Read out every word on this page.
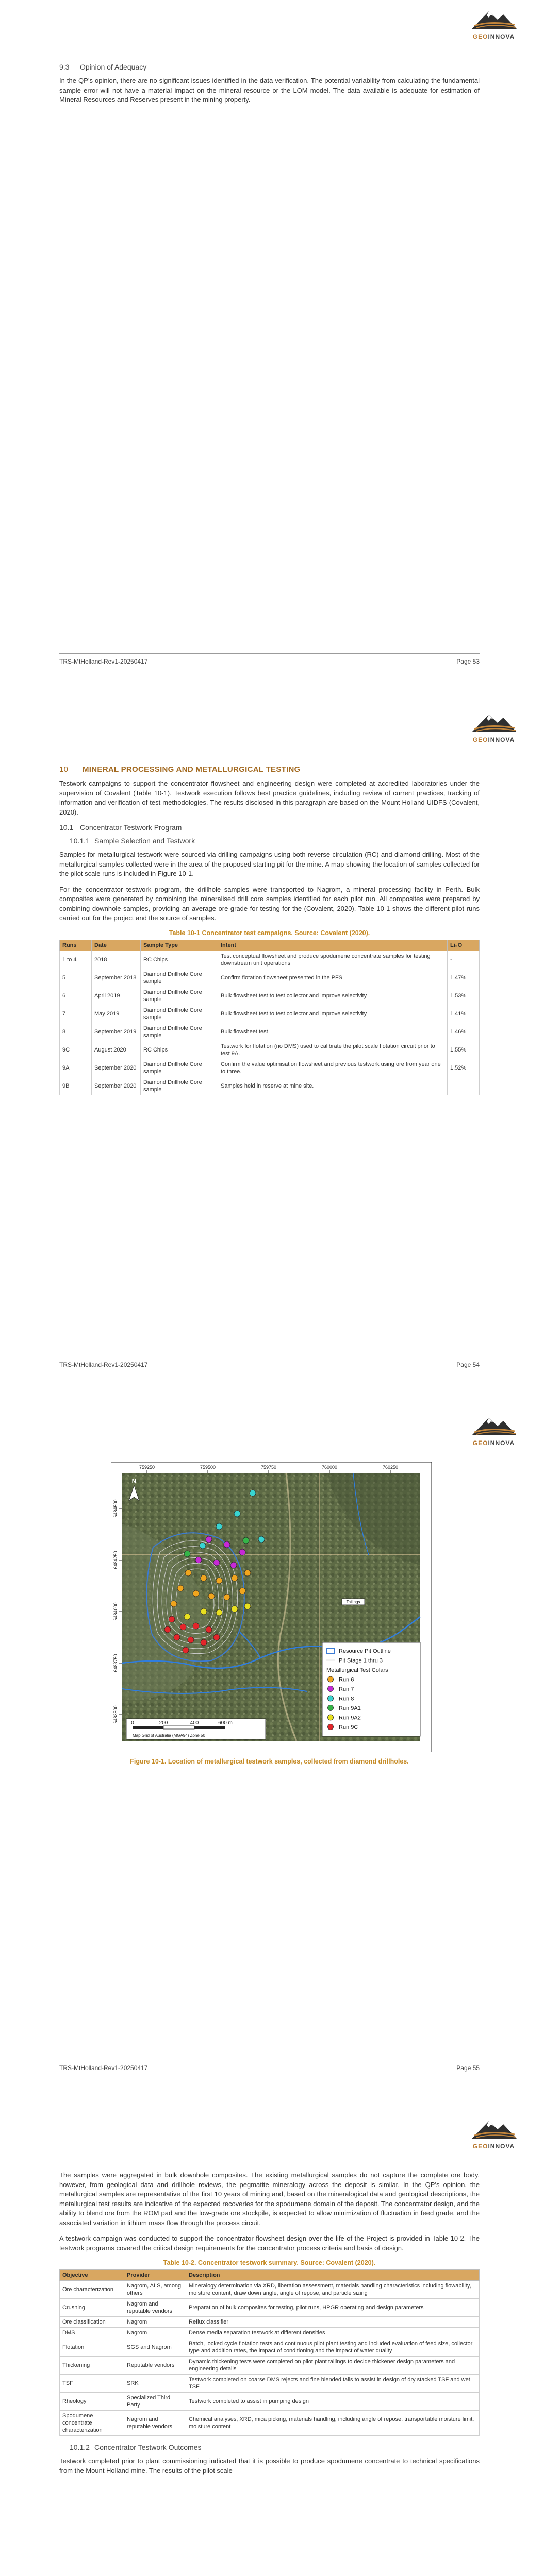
GEOINNOVA
9.3 Opinion of Adequacy

In the QP’s opinion, there are no significant issues identified in the data verification. The potential variability from calculating the fundamental sample error will not have a material impact on the mineral resource or the LOM model. The data available is adequate for estimation of Mineral Resources and Reserves present in the mining property.

TRS-MtHolland-Rev1-20250417	Page 53
GEOINNOVA
10 MINERAL PROCESSING AND METALLURGICAL TESTING

Testwork campaigns to support the concentrator flowsheet and engineering design were completed at accredited laboratories under the supervision of Covalent (Table 10-1). Testwork execution follows best practice guidelines, including review of current practices, tracking of information and verification of test methodologies. The results disclosed in this paragraph are based on the Mount Holland UIDFS (Covalent, 2020).

10.1 Concentrator Testwork Program
10.1.1 Sample Selection and Testwork

Samples for metallurgical testwork were sourced via drilling campaigns using both reverse circulation (RC) and diamond drilling. Most of the metallurgical samples collected were in the area of the proposed starting pit for the mine. A map showing the location of samples collected for the pilot scale runs is included in Figure 10-1.

For the concentrator testwork program, the drillhole samples were transported to Nagrom, a mineral processing facility in Perth. Bulk composites were generated by combining the mineralised drill core samples identified for each pilot run. All composites were prepared by combining downhole samples, providing an average ore grade for testing for the (Covalent, 2020). Table 10-1 shows the different pilot runs carried out for the project and the source of samples.

Table 10-1 Concentrator test campaigns. Source: Covalent (2020).
Runs	Date	Sample Type	Intent	Li₂O
1 to 4	2018	RC Chips	Test conceptual flowsheet and produce spodumene concentrate samples for testing downstream unit operations	-
5	September 2018	Diamond Drillhole Core sample	Confirm flotation flowsheet presented in the PFS	1.47%
6	April 2019	Diamond Drillhole Core sample	Bulk flowsheet test to test collector and improve selectivity	1.53%
7	May 2019	Diamond Drillhole Core sample	Bulk flowsheet test to test collector and improve selectivity	1.41%
8	September 2019	Diamond Drillhole Core sample	Bulk flowsheet test	1.46%
9C	August 2020	RC Chips	Testwork for flotation (no DMS) used to calibrate the pilot scale flotation circuit prior to test 9A.	1.55%
9A	September 2020	Diamond Drillhole Core sample	Confirm the value optimisation flowsheet and previous testwork using ore from year one to three.	1.52%
9B	September 2020	Diamond Drillhole Core sample	Samples held in reserve at mine site.	
TRS-MtHolland-Rev1-20250417	Page 54
GEOINNOVA
Tailings
759250	759500	759750	760000	760250
6484500
6484250
6484000
6483750
6483500
N
0	200	400	600 m
Map Grid of Australia (MGA94) Zone 50
Resource Pit Outline
Pit Stage 1 thru 3
Metallurgical Test Colars
Run 6
Run 7
Run 8
Run 9A1
Run 9A2
Run 9C
Figure 10-1. Location of metallurgical testwork samples, collected from diamond drillholes.
TRS-MtHolland-Rev1-20250417	Page 55
GEOINNOVA

The samples were aggregated in bulk downhole composites. The existing metallurgical samples do not capture the complete ore body, however, from geological data and drillhole reviews, the pegmatite mineralogy across the deposit is similar. In the QP’s opinion, the metallurgical samples are representative of the first 10 years of mining and, based on the mineralogical data and geological descriptions, the metallurgical test results are indicative of the expected recoveries for the spodumene domain of the deposit. The concentrator design, and the ability to blend ore from the ROM pad and the low-grade ore stockpile, is expected to allow minimization of fluctuation in feed grade, and the associated variation in lithium mass flow through the process circuit.

A testwork campaign was conducted to support the concentrator flowsheet design over the life of the Project is provided in Table 10-2. The testwork programs covered the critical design requirements for the concentrator process criteria and basis of design.

Table 10-2. Concentrator testwork summary. Source: Covalent (2020).
Objective	Provider	Description
Ore characterization	Nagrom, ALS, among others	Mineralogy determination via XRD, liberation assessment, materials handling characteristics including flowability, moisture content, draw down angle, angle of repose, and particle sizing
Crushing	Nagrom and reputable vendors	Preparation of bulk composites for testing, pilot runs, HPGR operating and design parameters
Ore classification	Nagrom	Reflux classifier
DMS	Nagrom	Dense media separation testwork at different densities
Flotation	SGS and Nagrom	Batch, locked cycle flotation tests and continuous pilot plant testing and included evaluation of feed size, collector type and addition rates, the impact of conditioning and the impact of water quality
Thickening	Reputable vendors	Dynamic thickening tests were completed on pilot plant tailings to decide thickener design parameters and engineering details
TSF	SRK	Testwork completed on coarse DMS rejects and fine blended tails to assist in design of dry stacked TSF and wet TSF
Rheology	Specialized Third Party	Testwork completed to assist in pumping design
Spodumene concentrate characterization	Nagrom and reputable vendors	Chemical analyses, XRD, mica picking, materials handling, including angle of repose, transportable moisture limit, moisture content
10.1.2 Concentrator Testwork Outcomes

Testwork completed prior to plant commissioning indicated that it is possible to produce spodumene concentrate to technical specifications from the Mount Holland mine. The results of the pilot scale
